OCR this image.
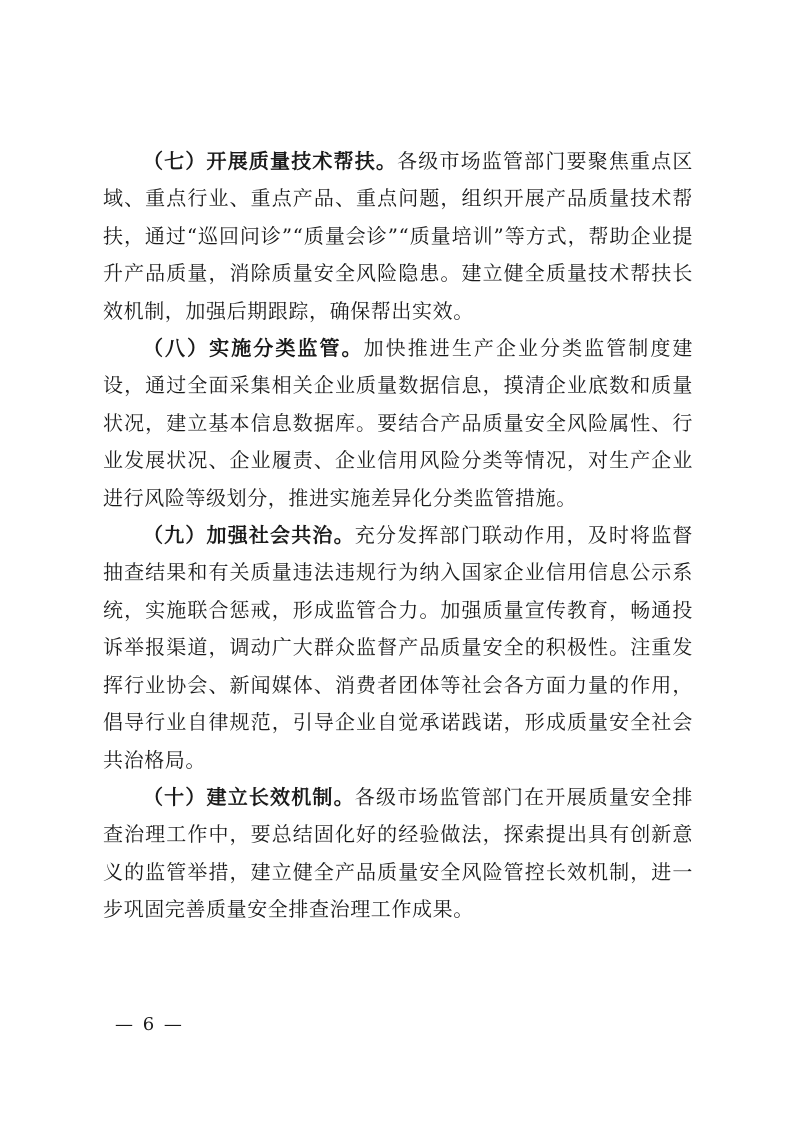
（七）开展质量技术帮扶。各级市场监管部门要聚焦重点区域、重点行业、重点产品、重点问题，组织开展产品质量技术帮扶，通过“巡回问诊”“质量会诊”“质量培训”等方式，帮助企业提升产品质量，消除质量安全风险隐患。建立健全质量技术帮扶长效机制，加强后期跟踪，确保帮出实效。

（八）实施分类监管。加快推进生产企业分类监管制度建设，通过全面采集相关企业质量数据信息，摸清企业底数和质量状况，建立基本信息数据库。要结合产品质量安全风险属性、行业发展状况、企业履责、企业信用风险分类等情况，对生产企业进行风险等级划分，推进实施差异化分类监管措施。

（九）加强社会共治。充分发挥部门联动作用，及时将监督抽查结果和有关质量违法违规行为纳入国家企业信用信息公示系统，实施联合惩戒，形成监管合力。加强质量宣传教育，畅通投诉举报渠道，调动广大群众监督产品质量安全的积极性。注重发挥行业协会、新闻媒体、消费者团体等社会各方面力量的作用，倡导行业自律规范，引导企业自觉承诺践诺，形成质量安全社会共治格局。

（十）建立长效机制。各级市场监管部门在开展质量安全排查治理工作中，要总结固化好的经验做法，探索提出具有创新意义的监管举措，建立健全产品质量安全风险管控长效机制，进一步巩固完善质量安全排查治理工作成果。

— 6 —
